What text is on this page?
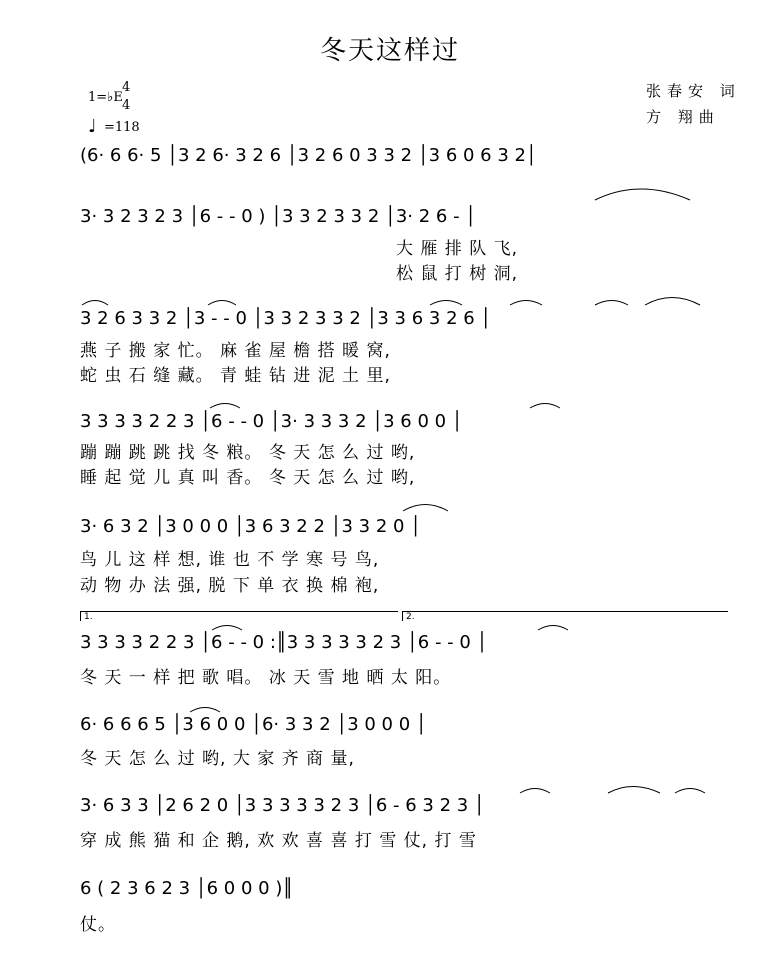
冬天这样过
张春安 词
方 翔曲
1=♭E
4
4
♩ =118
(6· 6 6· 5 │3 2 6· 3 2 6 │3 2 6 0 3 3 2 │3 6 0 6 3 2│
3· 3 2 3 2 3 │6 - - 0 ) │3 3 2 3 3 2 │3· 2 6 - │
大 雁 排 队 飞,
松 鼠 打 树 洞,
3 2 6 3 3 2 │3 - - 0 │3 3 2 3 3 2 │3 3 6 3 2 6 │
燕 子 搬 家 忙。 麻 雀 屋 檐 搭 暖 窝,
蛇 虫 石 缝 藏。 青 蛙 钻 进 泥 土 里,
3 3 3 3 2 2 3 │6 - - 0 │3· 3 3 3 2 │3 6 0 0 │
蹦 蹦 跳 跳 找 冬 粮。 冬 天 怎 么 过 哟,
睡 起 觉 儿 真 叫 香。 冬 天 怎 么 过 哟,
3· 6 3 2 │3 0 0 0 │3 6 3 2 2 │3 3 2 0 │
鸟 儿 这 样 想, 谁 也 不 学 寒 号 鸟,
动 物 办 法 强, 脱 下 单 衣 换 棉 袍,
1.	2.
3 3 3 3 2 2 3 │6 - - 0 :║3 3 3 3 3 2 3 │6 - - 0 │
冬 天 一 样 把 歌 唱。 冰 天 雪 地 晒 太 阳。
6· 6 6 6 5 │3 6 0 0 │6· 3 3 2 │3 0 0 0 │
冬 天 怎 么 过 哟, 大 家 齐 商 量,
3· 6 3 3 │2 6 2 0 │3 3 3 3 3 2 3 │6 - 6 3 2 3 │
穿 成 熊 猫 和 企 鹅, 欢 欢 喜 喜 打 雪 仗, 打 雪
6 ( 2 3 6 2 3 │6 0 0 0 )║
仗。
